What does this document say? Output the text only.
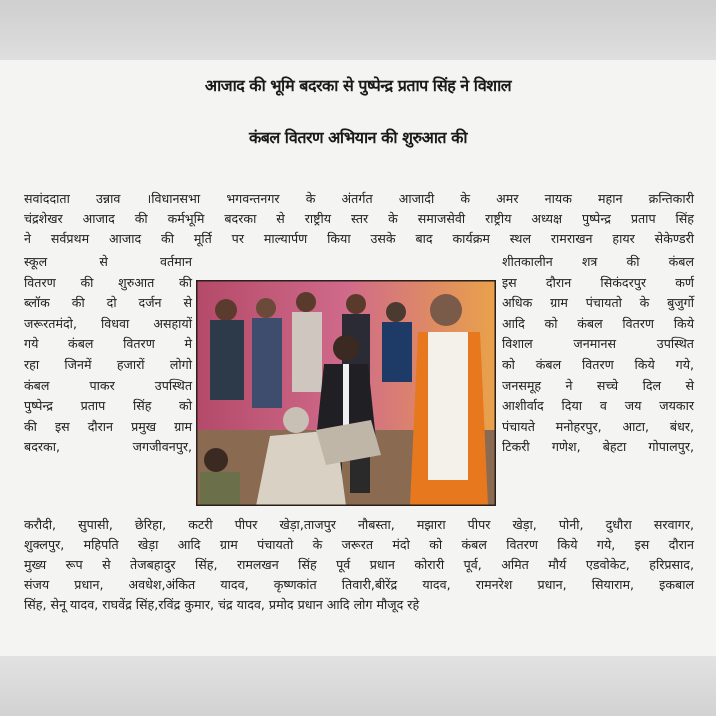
आजाद की भूमि बदरका से पुष्पेन्द्र प्रताप सिंह ने विशाल
कंबल वितरण अभियान की शुरुआत की
सवांददाता उन्नाव ।विधानसभा भगवन्तनगर के अंतर्गत आजादी के अमर नायक महान क्रन्तिकारी
चंद्रशेखर आजाद की कर्मभूमि बदरका से राष्ट्रीय स्तर के समाजसेवी राष्ट्रीय अध्यक्ष पुष्पेन्द्र प्रताप सिंह
ने सर्वप्रथम आजाद की मूर्ति पर माल्यार्पण किया उसके बाद कार्यक्रम स्थल रामराखन हायर सेकेण्डरी
स्कूल से वर्तमान
वितरण की शुरुआत की
ब्लॉक की दो दर्जन से
जरूरतमंदो, विधवा असहायों
गये कंबल वितरण मे
रहा जिनमें हजारों लोगो
कंबल पाकर उपस्थित
पुष्पेन्द्र प्रताप सिंह को
की इस दौरान प्रमुख ग्राम
बदरका, जगजीवनपुर,
शीतकालीन शत्र की कंबल
इस दौरान सिकंदरपुर कर्ण
अधिक ग्राम पंचायतो के बुजुर्गो
आदि को कंबल वितरण किये
विशाल जनमानस उपस्थित
को कंबल वितरण किये गये,
जनसमूह ने सच्चे दिल से
आशीर्वाद दिया व जय जयकार
पंचायते मनोहरपुर, आटा, बंधर,
टिकरी गणेश, बेहटा गोपालपुर,
करौदी, सुपासी, छेरिहा, कटरी पीपर खेड़ा,ताजपुर नौबस्ता, मझारा पीपर खेड़ा, पोनी, दुधौरा सरवागर,
शुक्लपुर, महिपति खेड़ा आदि ग्राम पंचायतो के जरूरत मंदो को कंबल वितरण किये गये, इस दौरान
मुख्य रूप से तेजबहादुर सिंह, रामलखन सिंह पूर्व प्रधान कोरारी पूर्व, अमित मौर्य एडवोकेट, हरिप्रसाद,
संजय प्रधान, अवधेश,अंकित यादव, कृष्णकांत तिवारी,बीरेंद्र यादव, रामनरेश प्रधान, सियाराम, इकबाल
सिंह, सेनू यादव, राघवेंद्र सिंह,रविंद्र कुमार, चंद्र यादव, प्रमोद प्रधान आदि लोग मौजूद रहे
